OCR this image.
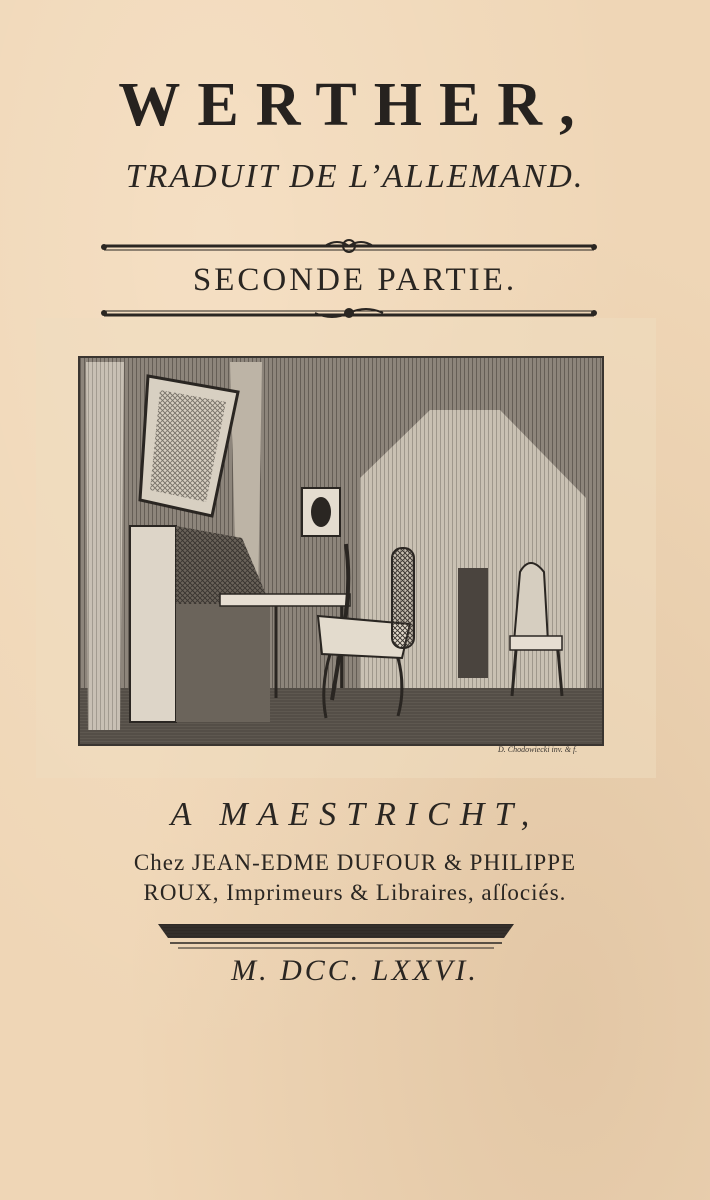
WERTHER,
TRADUIT DE L’ALLEMAND.
SECONDE PARTIE.
D. Chodowiecki inv. & f.
A MAESTRICHT,
Chez JEAN-EDME DUFOUR & PHILIPPE
ROUX, Imprimeurs & Libraires, aſſociés.
M. DCC. LXXVI.
